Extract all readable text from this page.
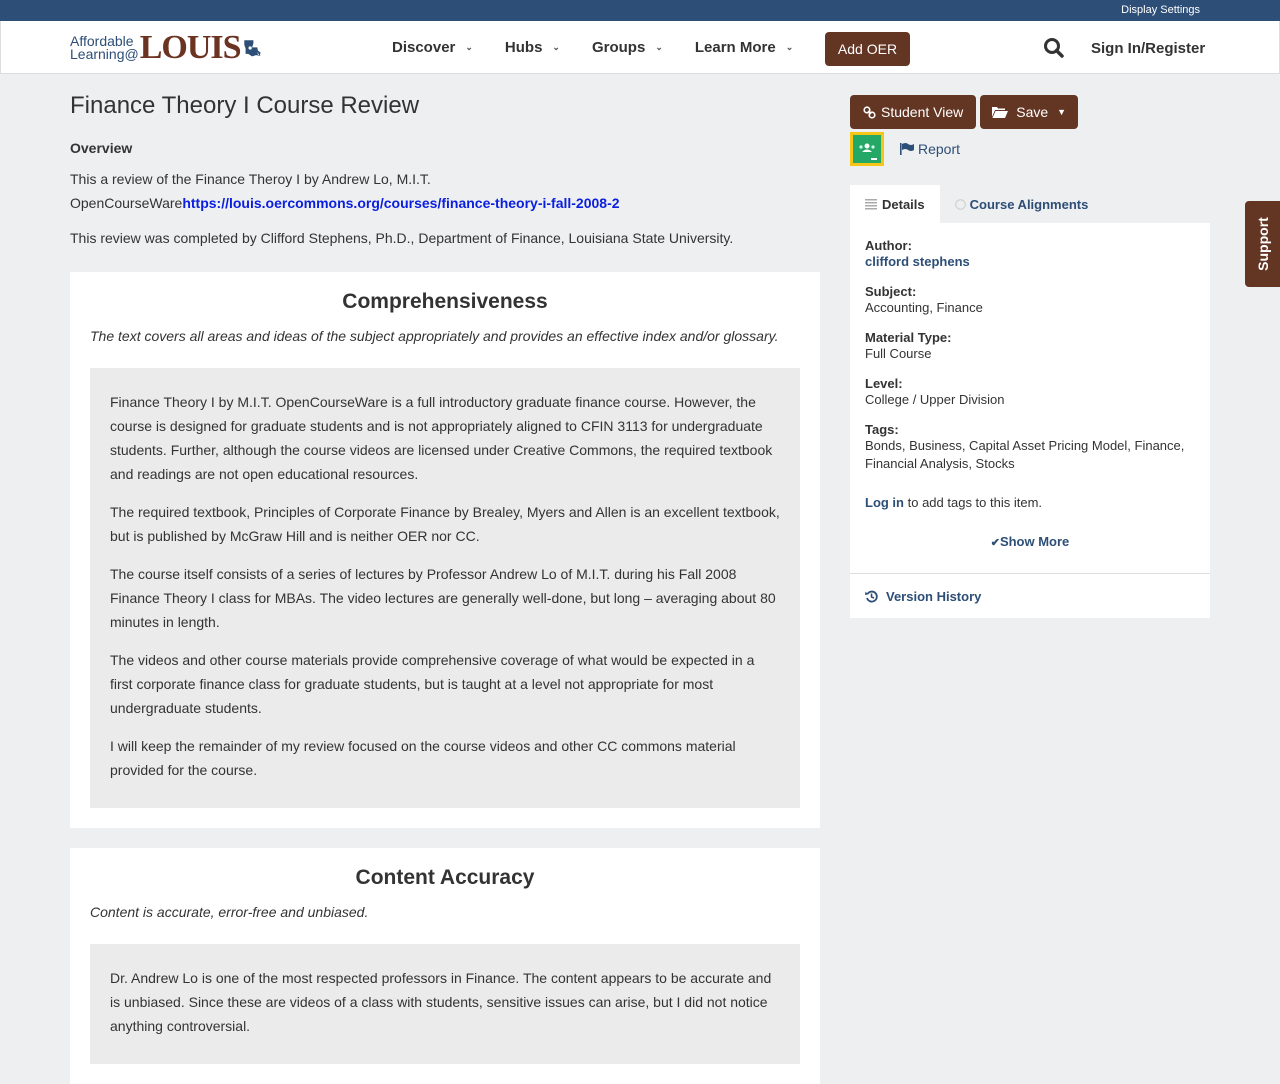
Display Settings
Affordable
Learning@ LOUIS	Discover ⌄ Hubs ⌄ Groups ⌄ Learn More ⌄	Add OER	Sign In/Register
Finance Theory I Course Review
Overview

This a review of the Finance Theroy I by Andrew Lo, M.I.T. OpenCourseWarehttps://louis.oercommons.org/courses/finance-theory-i-fall-2008-2

This review was completed by Clifford Stephens, Ph.D., Department of Finance, Louisiana State University.

Comprehensiveness
The text covers all areas and ideas of the subject appropriately and provides an effective index and/or glossary.

Finance Theory I by M.I.T. OpenCourseWare is a full introductory graduate finance course. However, the course is designed for graduate students and is not appropriately aligned to CFIN 3113 for undergraduate students. Further, although the course videos are licensed under Creative Commons, the required textbook and readings are not open educational resources.

The required textbook, Principles of Corporate Finance by Brealey, Myers and Allen is an excellent textbook, but is published by McGraw Hill and is neither OER nor CC.

The course itself consists of a series of lectures by Professor Andrew Lo of M.I.T. during his Fall 2008 Finance Theory I class for MBAs. The video lectures are generally well-done, but long – averaging about 80 minutes in length.

The videos and other course materials provide comprehensive coverage of what would be expected in a first corporate finance class for graduate students, but is taught at a level not appropriate for most undergraduate students.

I will keep the remainder of my review focused on the course videos and other CC commons material provided for the course.

Content Accuracy
Content is accurate, error-free and unbiased.

Dr. Andrew Lo is one of the most respected professors in Finance. The content appears to be accurate and is unbiased. Since these are videos of a class with students, sensitive issues can arise, but I did not notice anything controversial.

Student View	Save ▼
Report
Details	Course Alignments
Author:
clifford stephens
Subject:
Accounting, Finance
Material Type:
Full Course
Level:
College / Upper Division
Tags:
Bonds, Business, Capital Asset Pricing Model, Finance, Financial Analysis, Stocks
Log in to add tags to this item.
✔Show More
Version History
Support
